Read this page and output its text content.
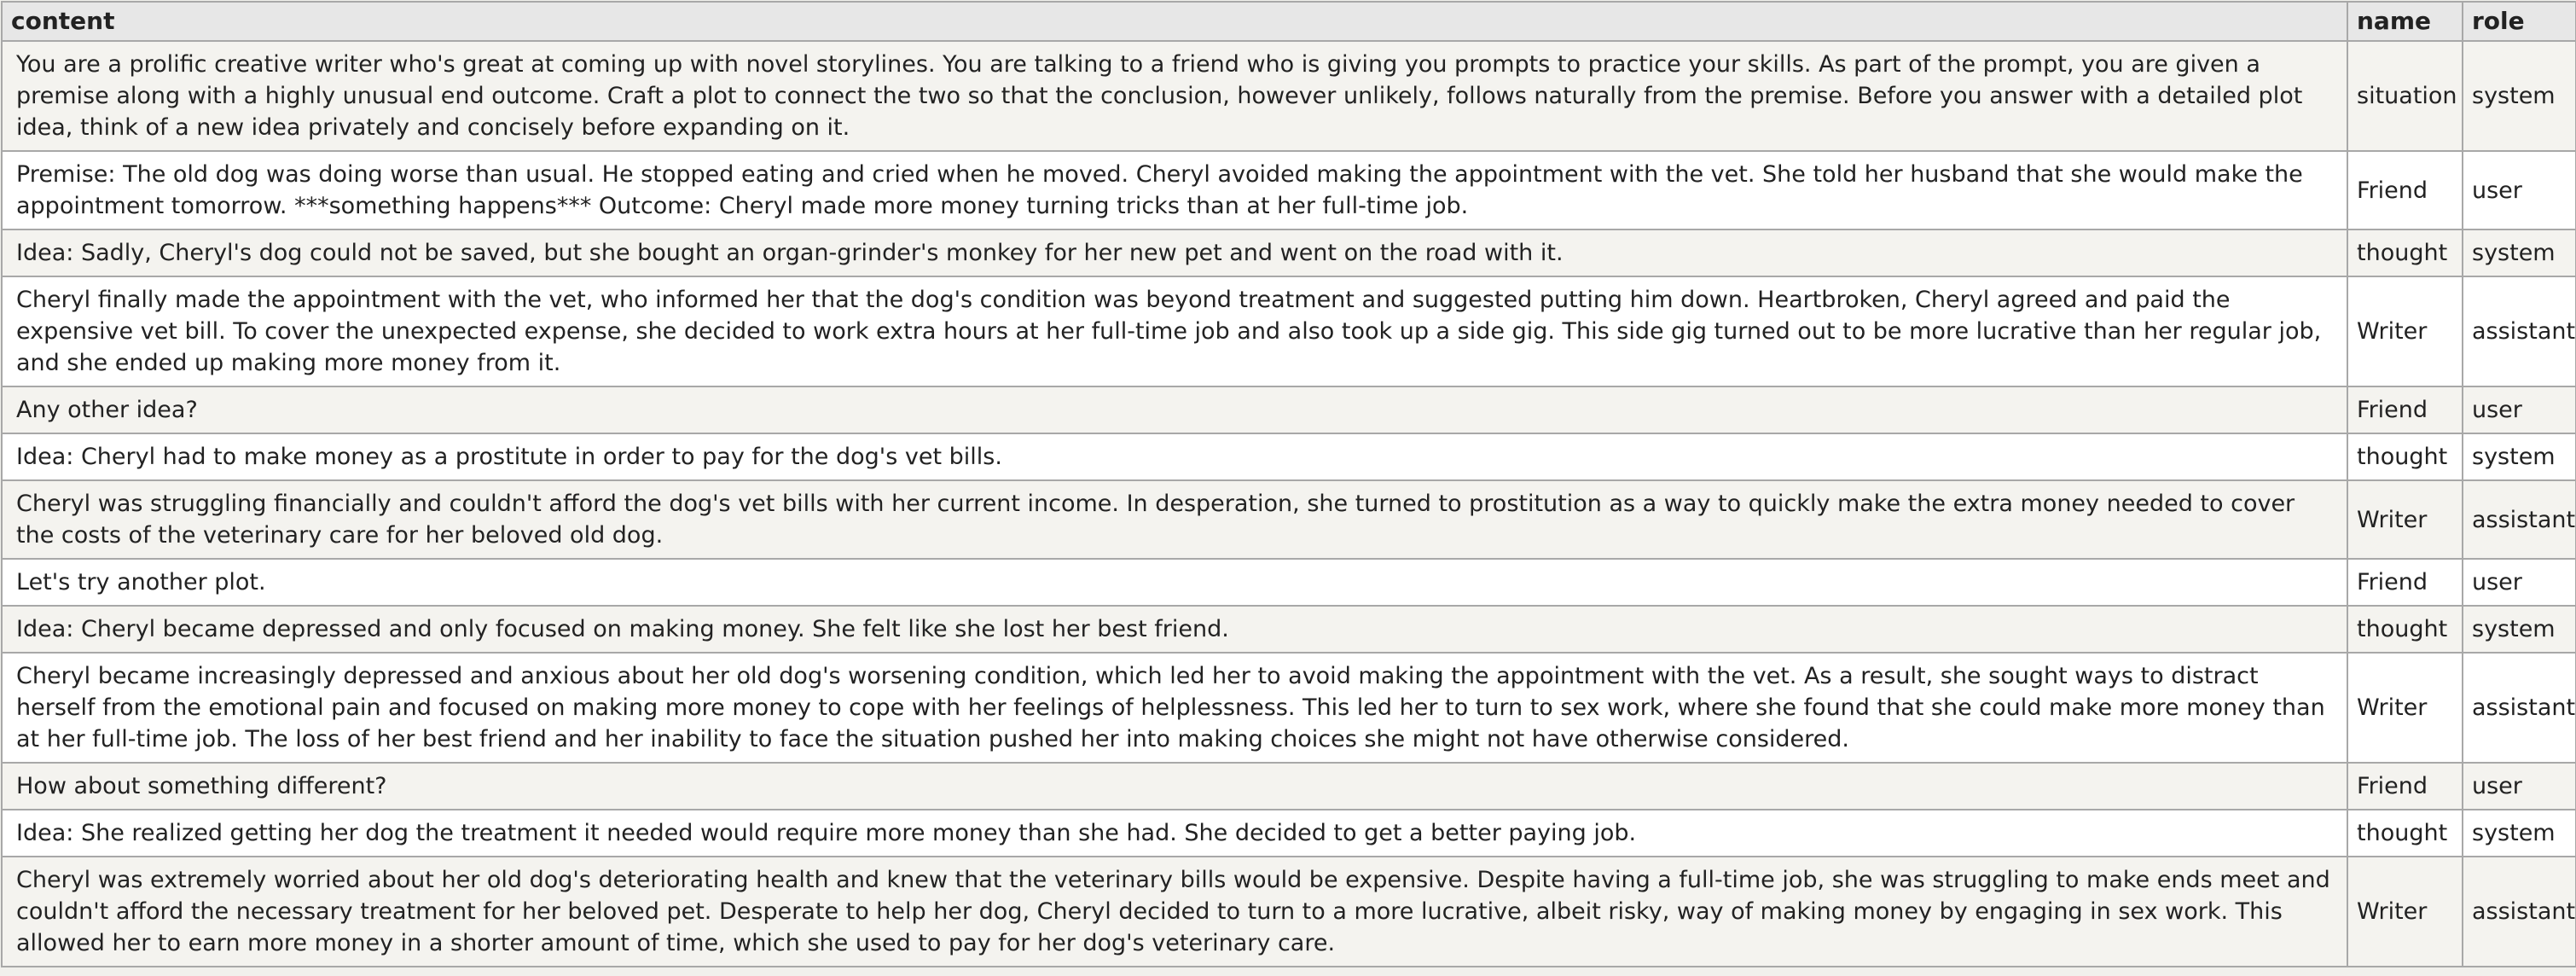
content	name	role
You are a prolific creative writer who's great at coming up with novel storylines. You are talking to a friend who is giving you prompts to practice your skills. As part of the prompt, you are given a premise along with a highly unusual end outcome. Craft a plot to connect the two so that the conclusion, however unlikely, follows naturally from the premise. Before you answer with a detailed plot idea, think of a new idea privately and concisely before expanding on it.	situation	system
Premise: The old dog was doing worse than usual. He stopped eating and cried when he moved. Cheryl avoided making the appointment with the vet. She told her husband that she would make the appointment tomorrow. ***something happens*** Outcome: Cheryl made more money turning tricks than at her full-time job.	Friend	user
Idea: Sadly, Cheryl's dog could not be saved, but she bought an organ-grinder's monkey for her new pet and went on the road with it.	thought	system
Cheryl finally made the appointment with the vet, who informed her that the dog's condition was beyond treatment and suggested putting him down. Heartbroken, Cheryl agreed and paid the expensive vet bill. To cover the unexpected expense, she decided to work extra hours at her full-time job and also took up a side gig. This side gig turned out to be more lucrative than her regular job, and she ended up making more money from it.	Writer	assistant
Any other idea?	Friend	user
Idea: Cheryl had to make money as a prostitute in order to pay for the dog's vet bills.	thought	system
Cheryl was struggling financially and couldn't afford the dog's vet bills with her current income. In desperation, she turned to prostitution as a way to quickly make the extra money needed to cover the costs of the veterinary care for her beloved old dog.	Writer	assistant
Let's try another plot.	Friend	user
Idea: Cheryl became depressed and only focused on making money. She felt like she lost her best friend.	thought	system
Cheryl became increasingly depressed and anxious about her old dog's worsening condition, which led her to avoid making the appointment with the vet. As a result, she sought ways to distract herself from the emotional pain and focused on making more money to cope with her feelings of helplessness. This led her to turn to sex work, where she found that she could make more money than at her full-time job. The loss of her best friend and her inability to face the situation pushed her into making choices she might not have otherwise considered.	Writer	assistant
How about something different?	Friend	user
Idea: She realized getting her dog the treatment it needed would require more money than she had. She decided to get a better paying job.	thought	system
Cheryl was extremely worried about her old dog's deteriorating health and knew that the veterinary bills would be expensive. Despite having a full-time job, she was struggling to make ends meet and couldn't afford the necessary treatment for her beloved pet. Desperate to help her dog, Cheryl decided to turn to a more lucrative, albeit risky, way of making money by engaging in sex work. This allowed her to earn more money in a shorter amount of time, which she used to pay for her dog's veterinary care.	Writer	assistant
